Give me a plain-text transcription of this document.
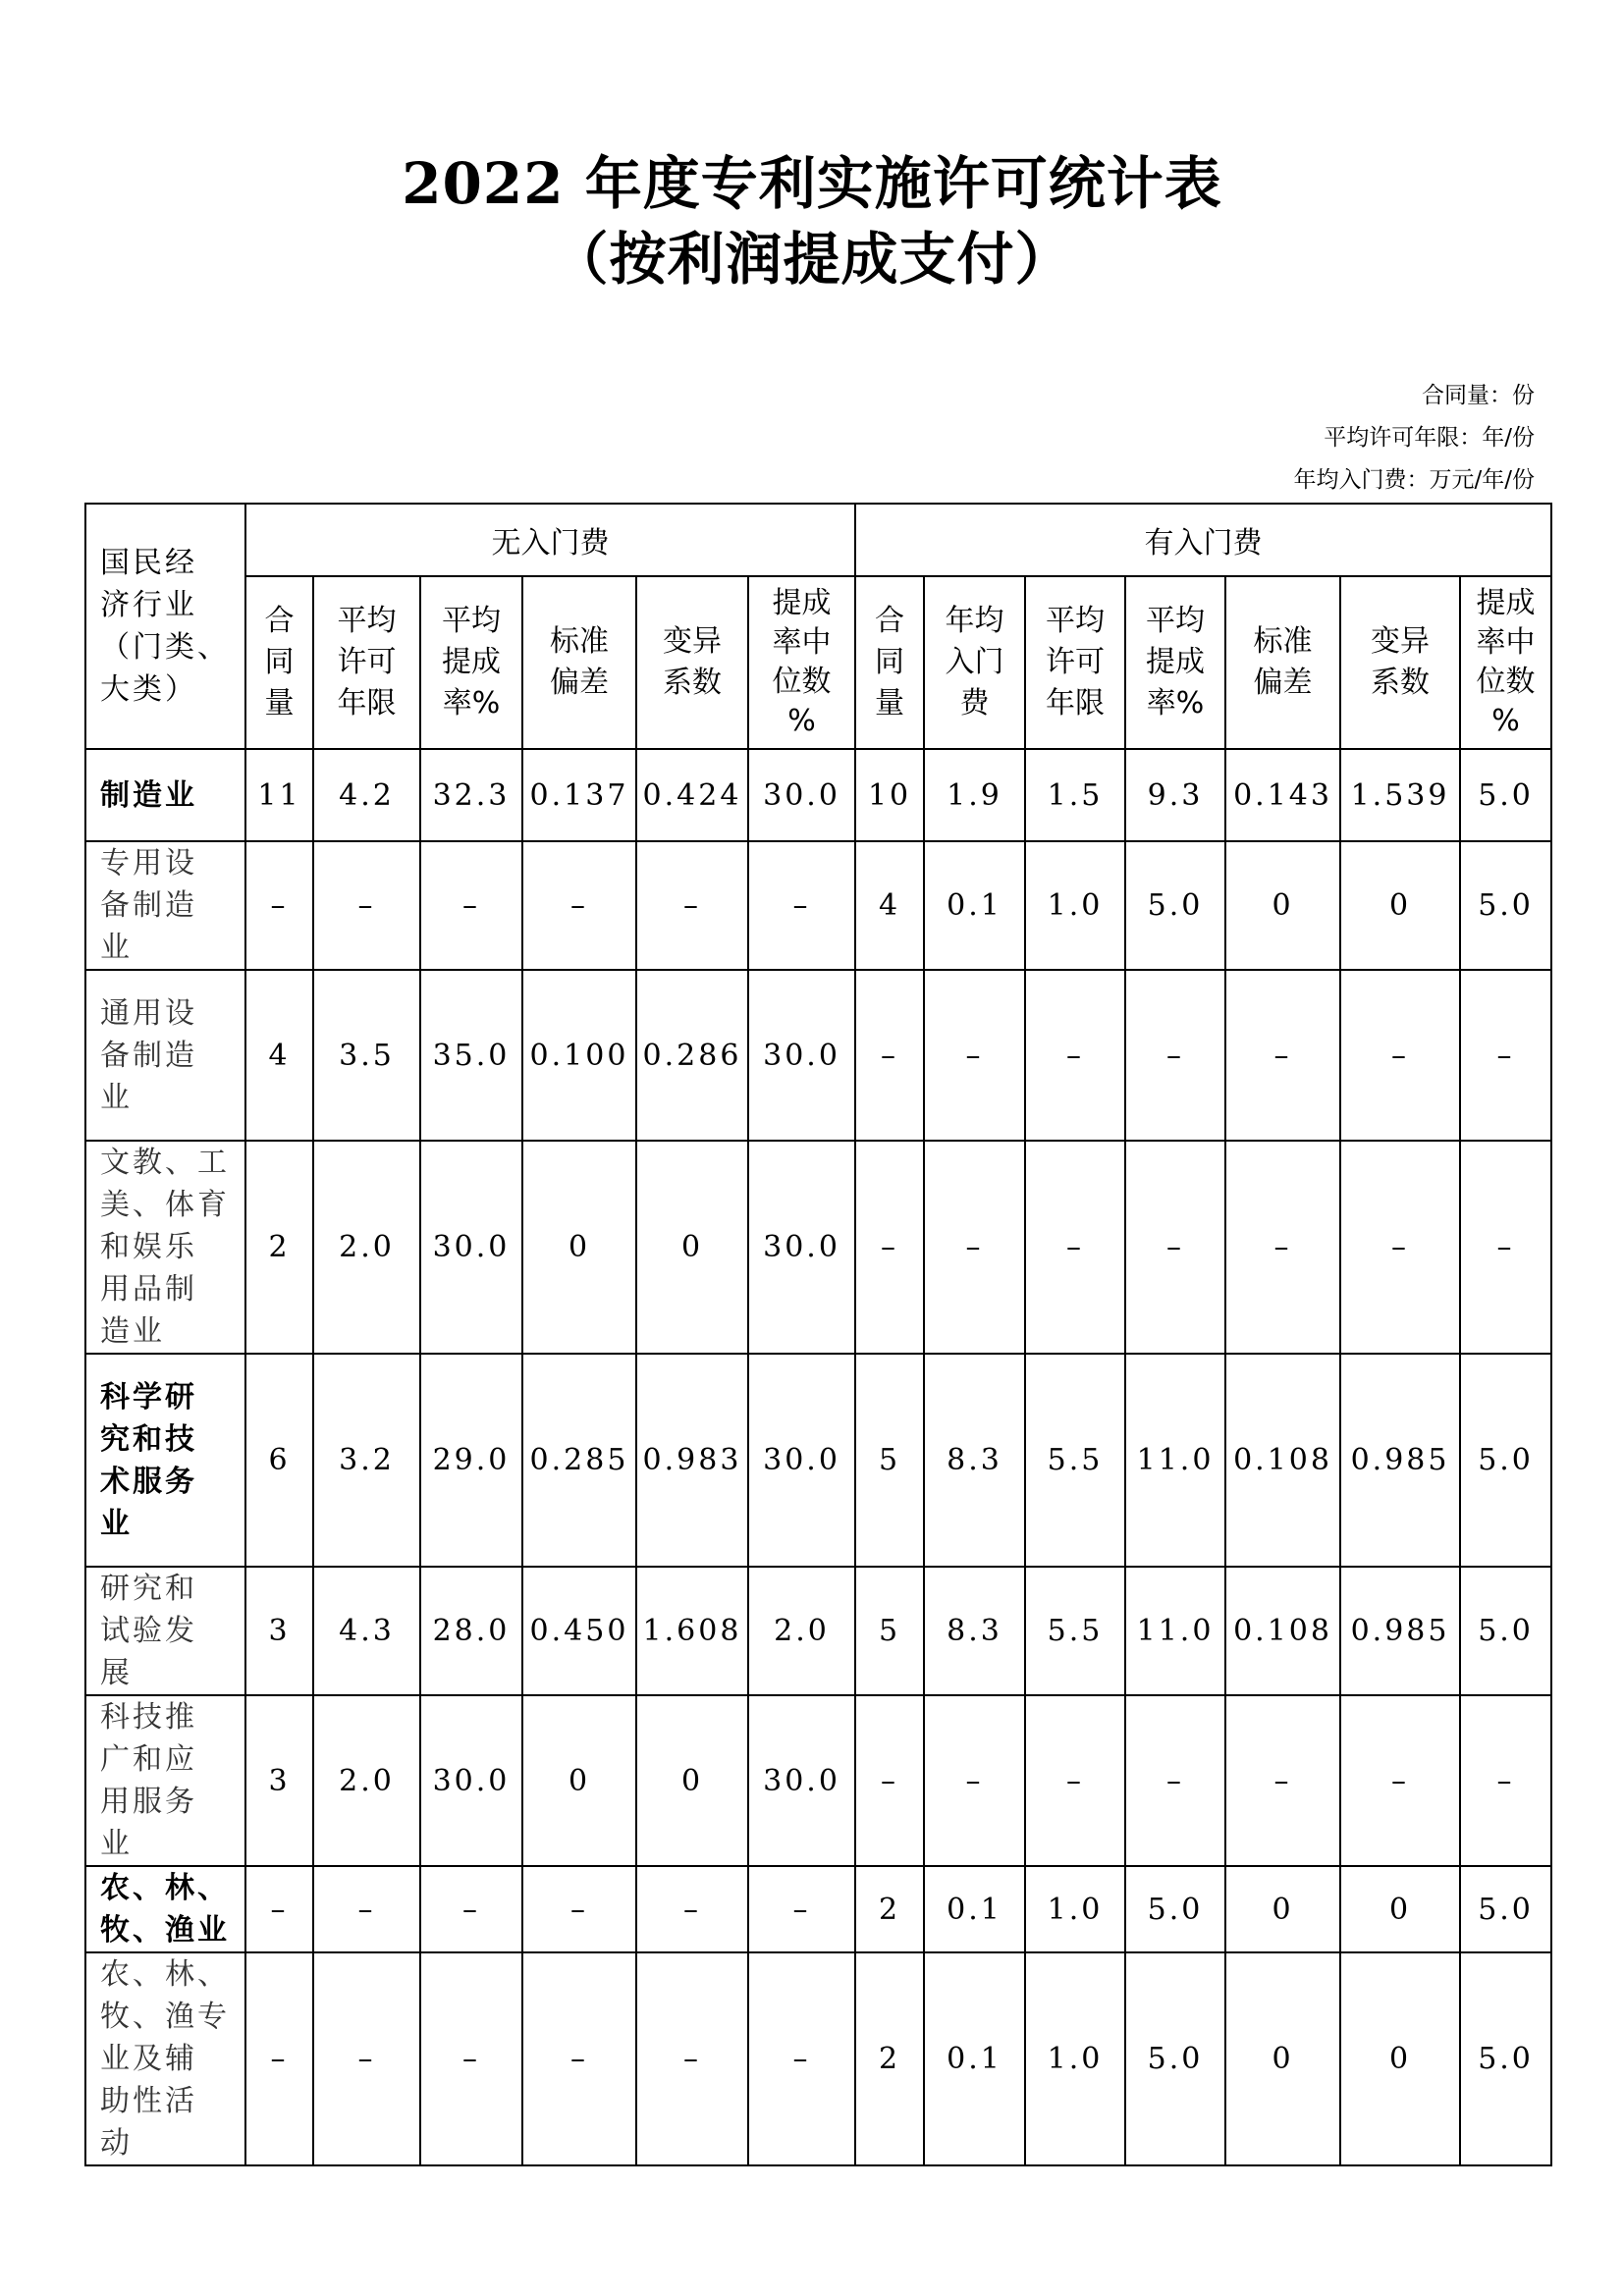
2022 年度专利实施许可统计表
（按利润提成支付）
合同量：份
平均许可年限：年/份
年均入门费：万元/年/份
国民经
济行业
（门类、
大类）	无入门费						有入门费						
	合
同
量	平均
许可
年限	平均
提成
率%	标准
偏差	变异
系数	提成
率中
位数
%	合
同
量	年均
入门
费	平均
许可
年限	平均
提成
率%	标准
偏差	变异
系数	提成
率中
位数
%
制造业	11	4.2	32.3	0.137	0.424	30.0	10	1.9	1.5	9.3	0.143	1.539	5.0
专用设
备制造
业	–	–	–	–	–	–	4	0.1	1.0	5.0	0	0	5.0
通用设
备制造
业	4	3.5	35.0	0.100	0.286	30.0	–	–	–	–	–	–	–
文教、工
美、体育
和娱乐
用品制
造业	2	2.0	30.0	0	0	30.0	–	–	–	–	–	–	–
科学研
究和技
术服务
业	6	3.2	29.0	0.285	0.983	30.0	5	8.3	5.5	11.0	0.108	0.985	5.0
研究和
试验发
展	3	4.3	28.0	0.450	1.608	2.0	5	8.3	5.5	11.0	0.108	0.985	5.0
科技推
广和应
用服务
业	3	2.0	30.0	0	0	30.0	–	–	–	–	–	–	–
农、林、
牧、渔业	–	–	–	–	–	–	2	0.1	1.0	5.0	0	0	5.0
农、林、
牧、渔专
业及辅
助性活
动	–	–	–	–	–	–	2	0.1	1.0	5.0	0	0	5.0
